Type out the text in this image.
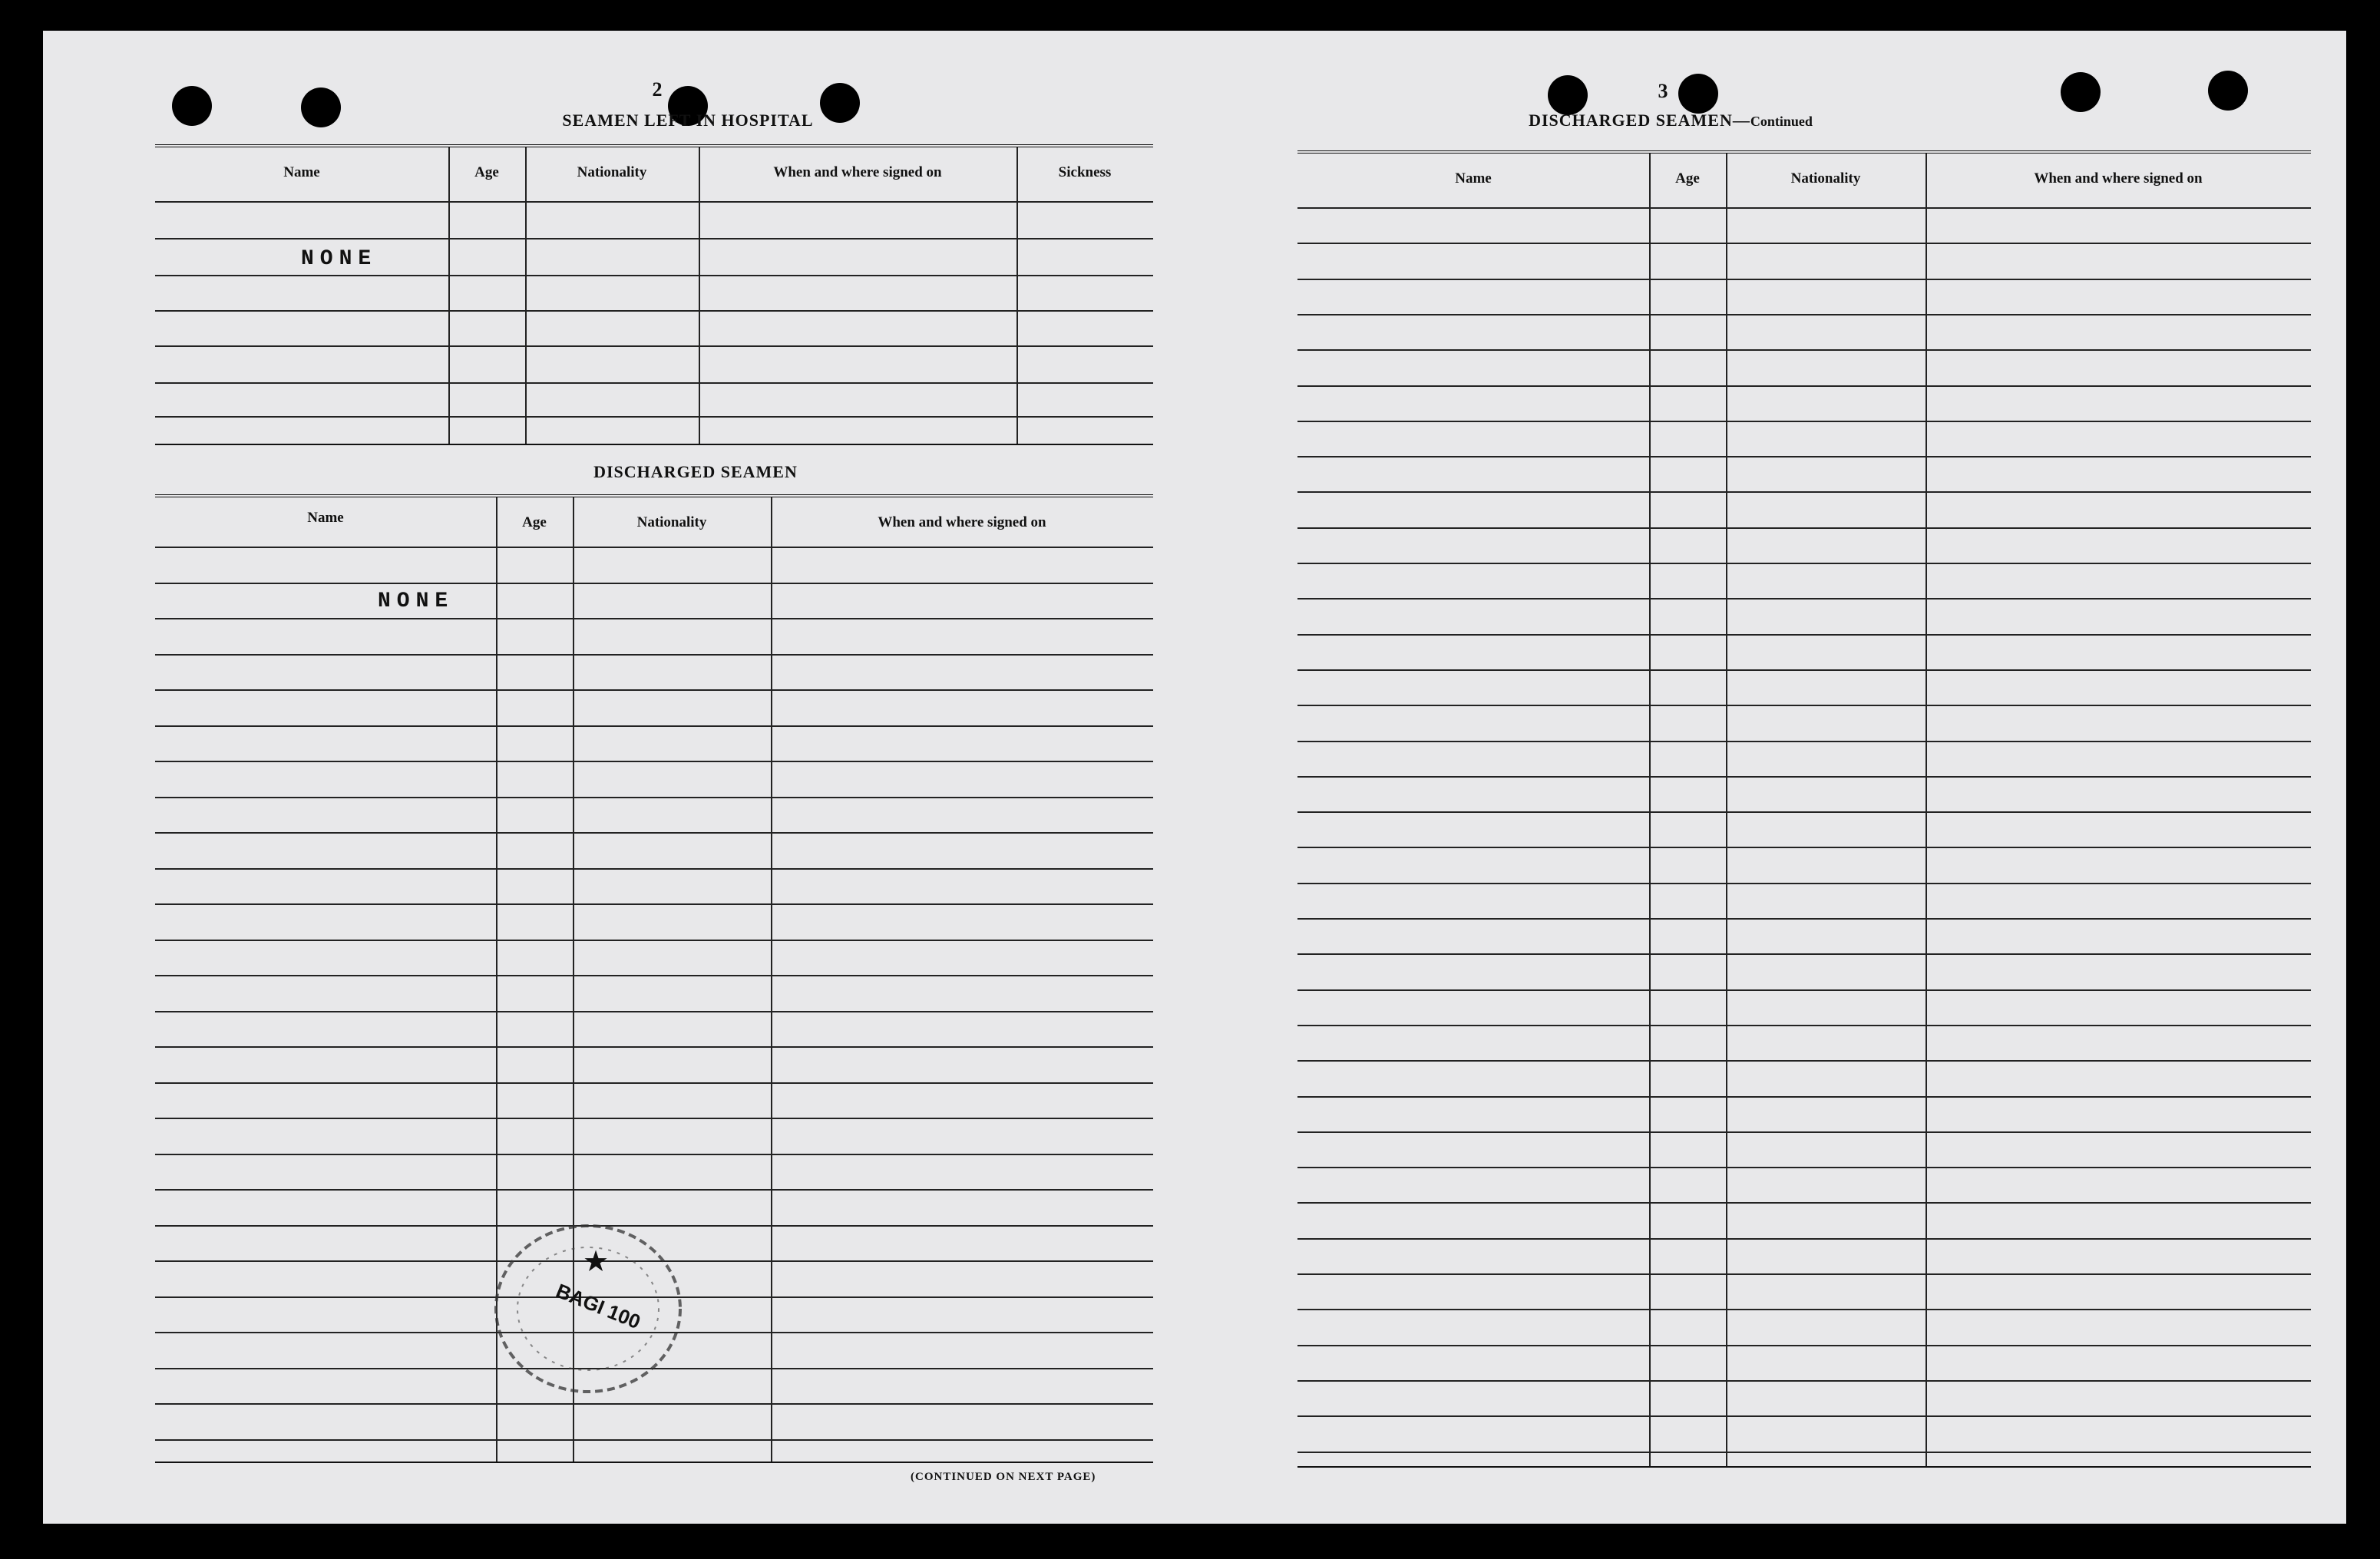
2
SEAMEN LEFT IN HOSPITAL
Name	Age	Nationality	When and where signed on	Sickness
NONE
DISCHARGED SEAMEN
Name	Age	Nationality	When and where signed on
NONE
(CONTINUED ON NEXT PAGE)
★
BAGI 100
3
DISCHARGED SEAMEN—Continued
Name	Age	Nationality	When and where signed on
